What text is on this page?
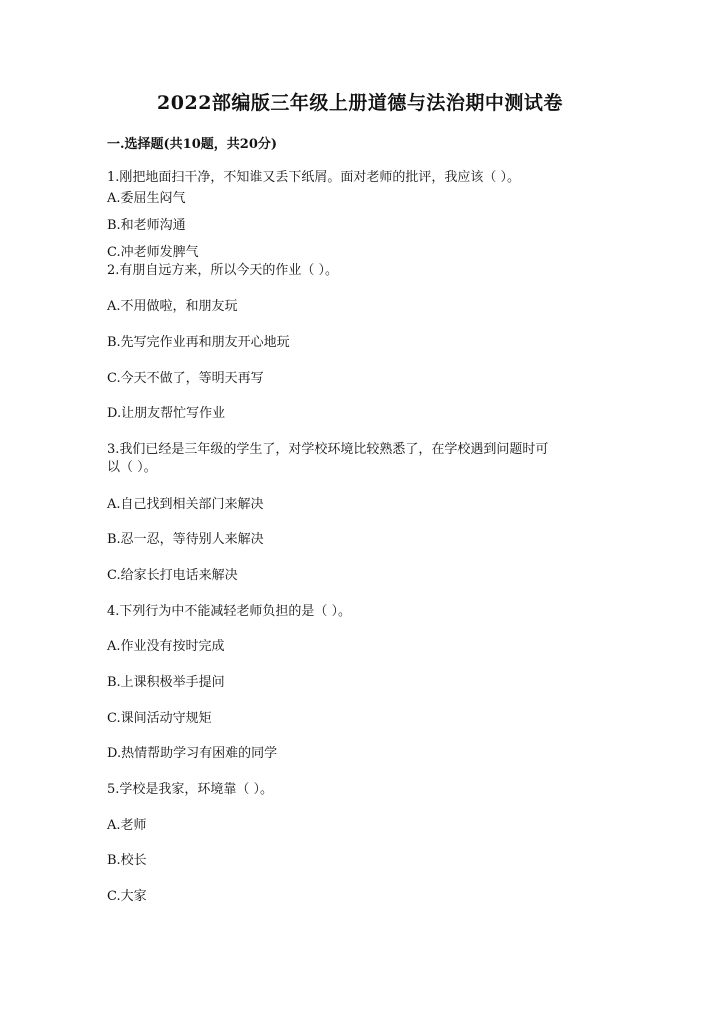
2022部编版三年级上册道德与法治期中测试卷
一.选择题(共10题，共20分)
1.刚把地面扫干净，不知谁又丢下纸屑。面对老师的批评，我应该（ ）。
A.委屈生闷气
B.和老师沟通
C.冲老师发脾气
2.有朋自远方来，所以今天的作业（ ）。
A.不用做啦，和朋友玩
B.先写完作业再和朋友开心地玩
C.今天不做了，等明天再写
D.让朋友帮忙写作业
3.我们已经是三年级的学生了，对学校环境比较熟悉了，在学校遇到问题时可
以（ ）。
A.自己找到相关部门来解决
B.忍一忍，等待别人来解决
C.给家长打电话来解决
4.下列行为中不能减轻老师负担的是（ ）。
A.作业没有按时完成
B.上课积极举手提问
C.课间活动守规矩
D.热情帮助学习有困难的同学
5.学校是我家，环境靠（ ）。
A.老师
B.校长
C.大家
